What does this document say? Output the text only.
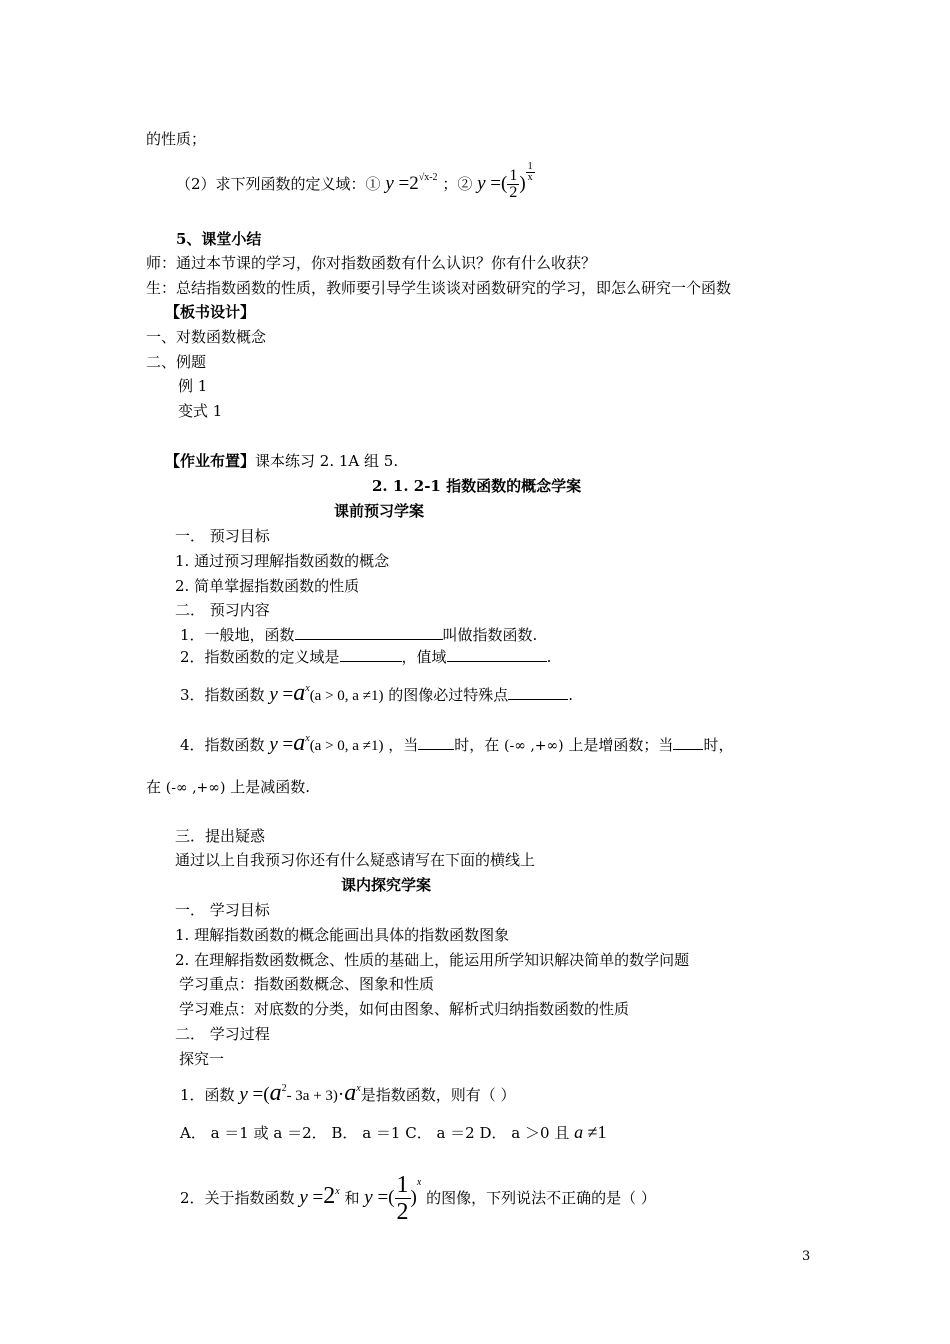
的性质；
（2）求下列函数的定义域：① $y =2^{√x-2}$ ；② y =( $\frac{1}{2}$ )
$\frac{1}{x}$
5、课堂小结
师：通过本节课的学习，你对指数函数有什么认识？你有什么收获？
生：总结指数函数的性质，教师要引导学生谈谈对函数研究的学习，即怎么研究一个函数
【板书设计】
一、对数函数概念
二、例题
例 1
变式 1
【作业布置】课本练习 2. 1A 组 5.
2. 1. 2-1 指数函数的概念学案
课前预习学案
一． 预习目标
1. 通过预习理解指数函数的概念
2. 简单掌握指数函数的性质
二． 预习内容
1．一般地，函数	叫做指数函数.
2．指数函数的定义域是	，值域	.
3．指数函数 $y =a^x(a > 0$, a ≠1) 的图像必过特殊点	.
4．指数函数 $y =a^x(a > 0$, a ≠1) ，当 时，在 (-∞ ,+∞) 上是增函数；当 时，
在 (-∞ ,+∞) 上是减函数.
三．提出疑惑
通过以上自我预习你还有什么疑惑请写在下面的横线上
课内探究学案
一． 学习目标
1. 理解指数函数的概念能画出具体的指数函数图象
2. 在理解指数函数概念、性质的基础上，能运用所学知识解决简单的数学问题
学习重点：指数函数概念、图象和性质
学习难点：对底数的分类，如何由图象、解析式归纳指数函数的性质
二． 学习过程
探究一
1．函数 $y =(a^2-$ $3a + 3)\cdot a^x$是指数函数，则有（ ）
A． a ＝1 或 a ＝2． B． a ＝1 C． a ＝2 D． a ＞0 且 a ≠1
2．关于指数函数 $y =2^x$ 和 y =( $\frac{1}{2} )^x$ 的图像，下列说法不正确的是（ ）
3
